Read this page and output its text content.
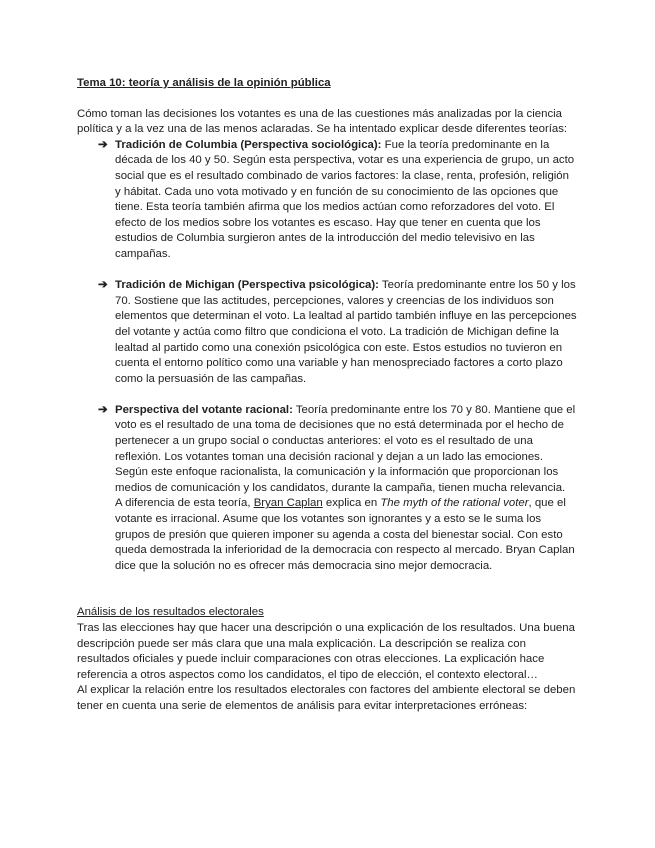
Tema 10: teoría y análisis de la opinión pública

Cómo toman las decisiones los votantes es una de las cuestiones más analizadas por la ciencia política y a la vez una de las menos aclaradas. Se ha intentado explicar desde diferentes teorías:

➔ Tradición de Columbia (Perspectiva sociológica): Fue la teoría predominante en la década de los 40 y 50. Según esta perspectiva, votar es una experiencia de grupo, un acto social que es el resultado combinado de varios factores: la clase, renta, profesión, religión y hábitat. Cada uno vota motivado y en función de su conocimiento de las opciones que tiene. Esta teoría también afirma que los medios actúan como reforzadores del voto. El efecto de los medios sobre los votantes es escaso. Hay que tener en cuenta que los estudios de Columbia surgieron antes de la introducción del medio televisivo en las campañas.
➔ Tradición de Michigan (Perspectiva psicológica): Teoría predominante entre los 50 y los 70. Sostiene que las actitudes, percepciones, valores y creencias de los individuos son elementos que determinan el voto. La lealtad al partido también influye en las percepciones del votante y actúa como filtro que condiciona el voto. La tradición de Michigan define la lealtad al partido como una conexión psicológica con este. Estos estudios no tuvieron en cuenta el entorno político como una variable y han menospreciado factores a corto plazo como la persuasión de las campañas.
➔ Perspectiva del votante racional: Teoría predominante entre los 70 y 80. Mantiene que el voto es el resultado de una toma de decisiones que no está determinada por el hecho de pertenecer a un grupo social o conductas anteriores: el voto es el resultado de una reflexión. Los votantes toman una decisión racional y dejan a un lado las emociones. Según este enfoque racionalista, la comunicación y la información que proporcionan los medios de comunicación y los candidatos, durante la campaña, tienen mucha relevancia.
A diferencia de esta teoría, Bryan Caplan explica en The myth of the rational voter, que el votante es irracional. Asume que los votantes son ignorantes y a esto se le suma los grupos de presión que quieren imponer su agenda a costa del bienestar social. Con esto queda demostrada la inferioridad de la democracia con respecto al mercado. Bryan Caplan dice que la solución no es ofrecer más democracia sino mejor democracia.

Análisis de los resultados electorales

Tras las elecciones hay que hacer una descripción o una explicación de los resultados. Una buena descripción puede ser más clara que una mala explicación. La descripción se realiza con resultados oficiales y puede incluir comparaciones con otras elecciones. La explicación hace referencia a otros aspectos como los candidatos, el tipo de elección, el contexto electoral…

Al explicar la relación entre los resultados electorales con factores del ambiente electoral se deben tener en cuenta una serie de elementos de análisis para evitar interpretaciones erróneas:
